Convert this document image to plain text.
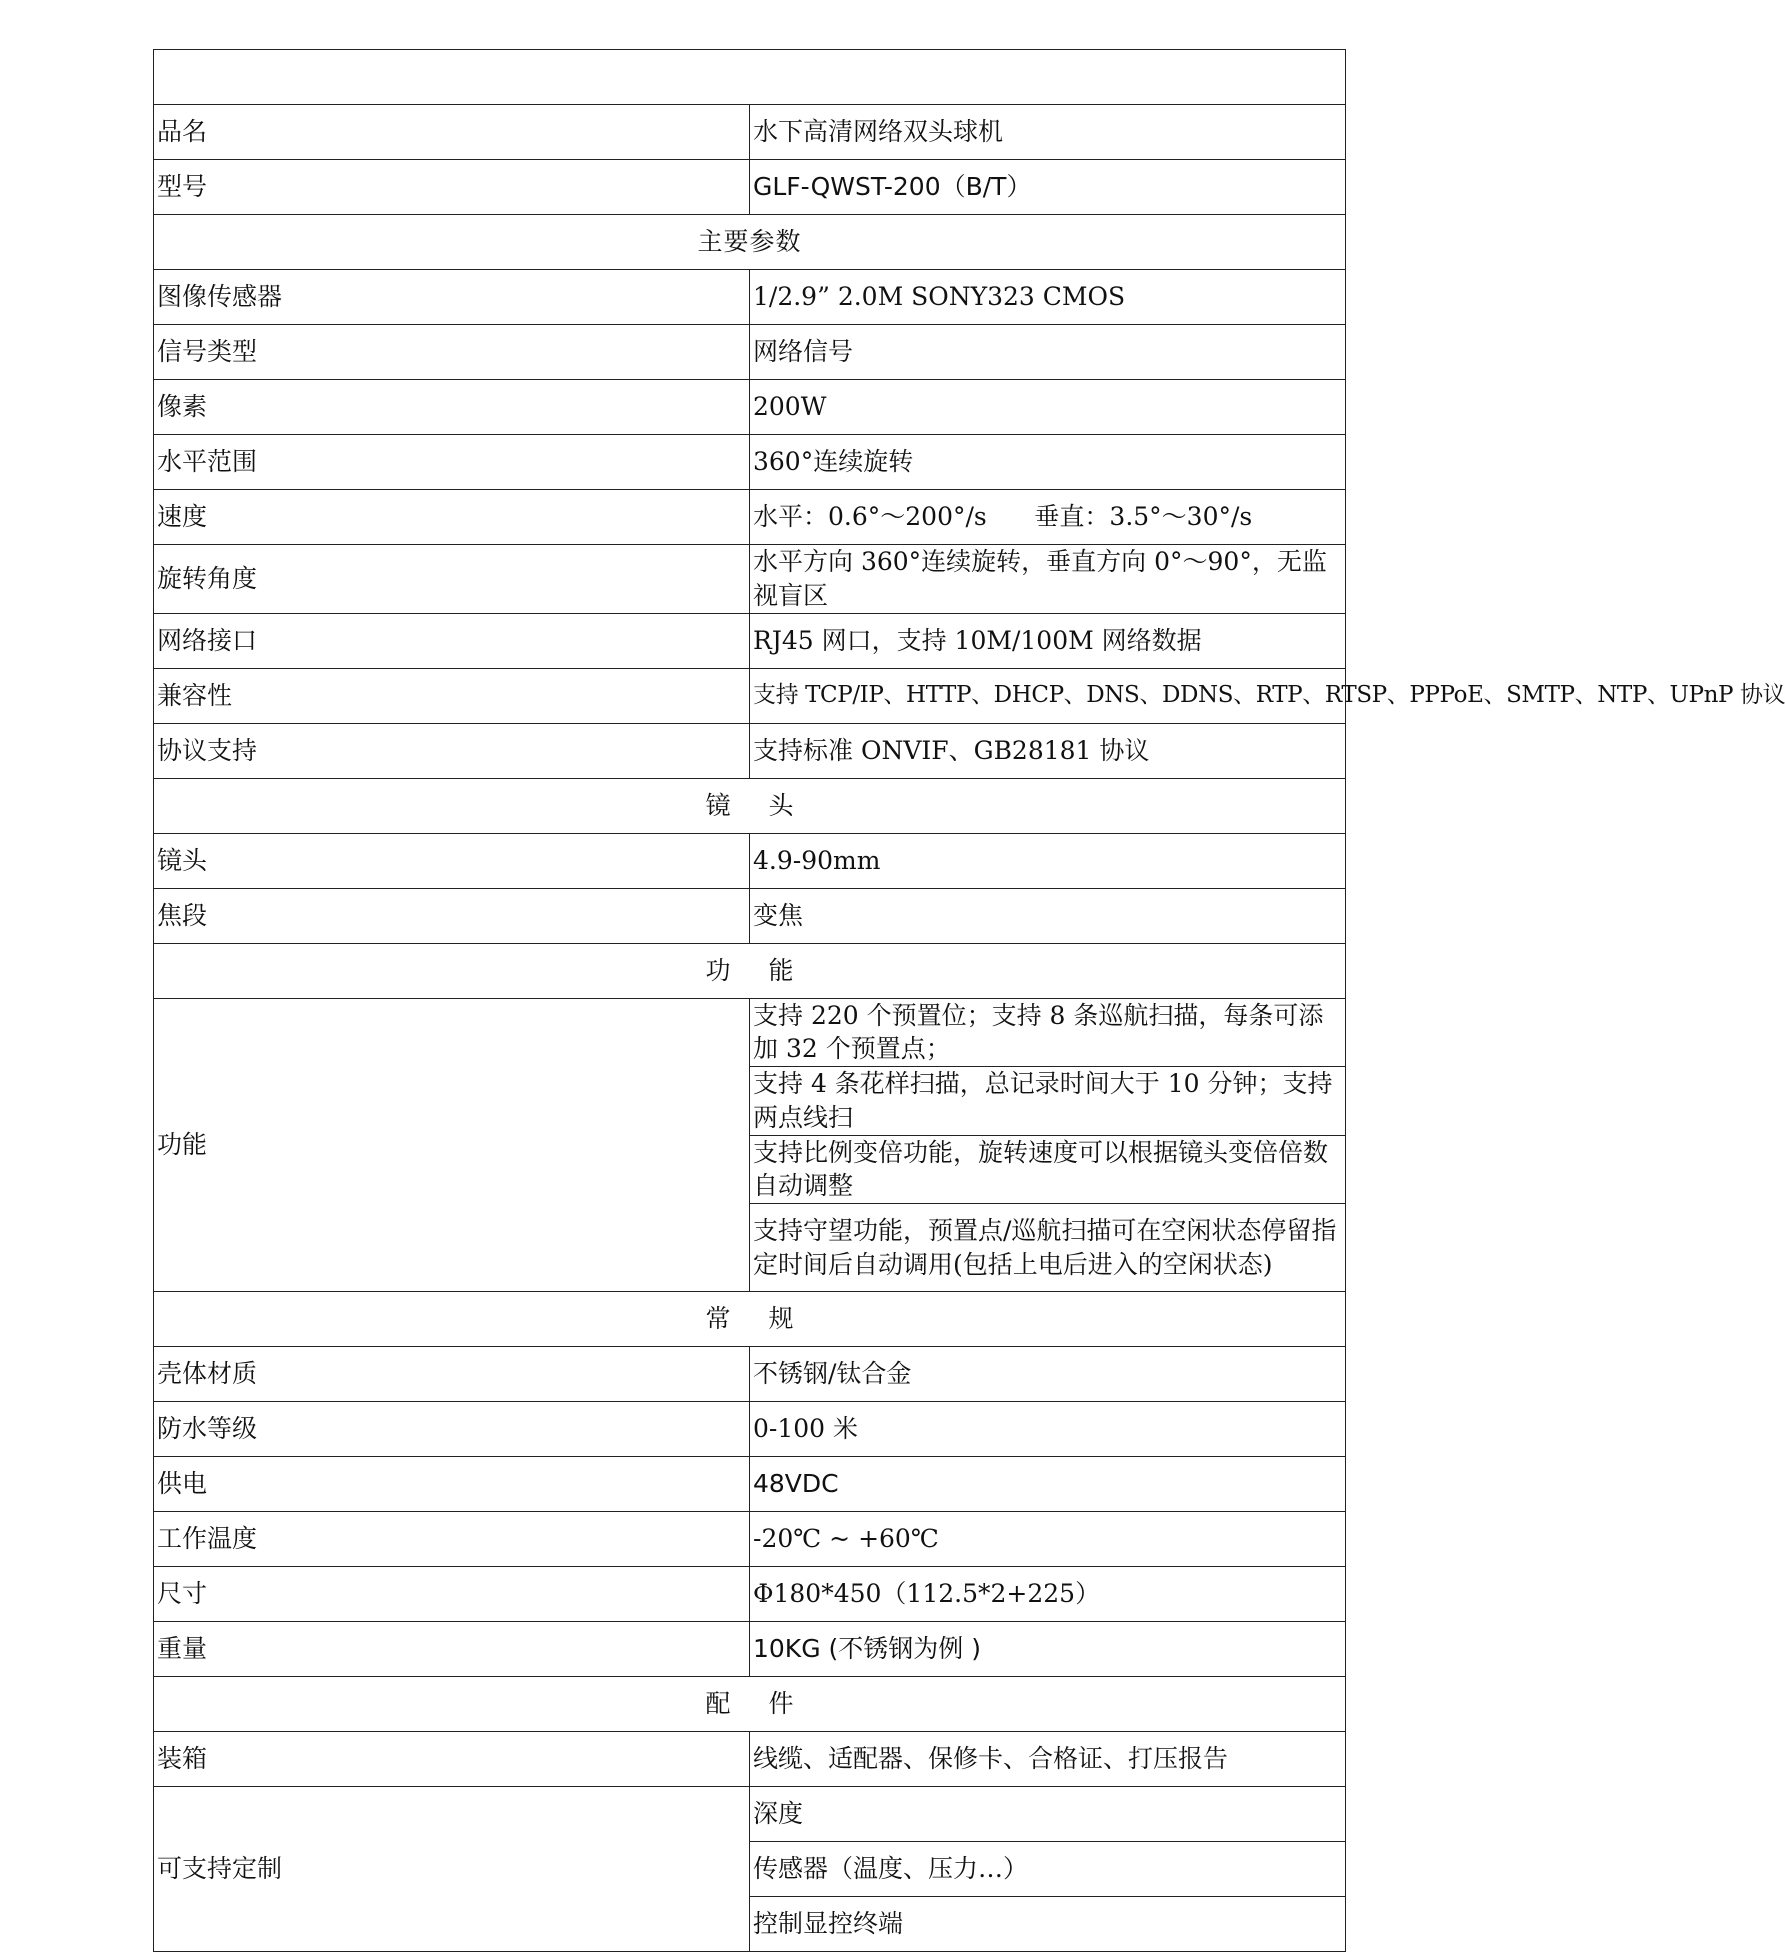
品名	水下高清网络双头球机
型号	GLF-QWST-200（B/T）
主要参数	
图像传感器	1/2.9” 2.0M SONY323 CMOS
信号类型	网络信号
像素	200W
水平范围	360°连续旋转
速度	水平：0.6°～200°/s      垂直：3.5°～30°/s
旋转角度	水平方向 360°连续旋转，垂直方向 0°～90°，无监视盲区
网络接口	RJ45 网口，支持 10M/100M 网络数据
兼容性	支持 TCP/IP、HTTP、DHCP、DNS、DDNS、RTP、RTSP、PPPoE、SMTP、NTP、UPnP 协议
协议支持	支持标准 ONVIF、GB28181 协议
镜头	
镜头	4.9-90mm
焦段	变焦
功能	
功能	支持 220 个预置位；支持 8 条巡航扫描，每条可添加 32 个预置点；
	支持 4 条花样扫描，总记录时间大于 10 分钟；支持两点线扫
	支持比例变倍功能，旋转速度可以根据镜头变倍倍数自动调整
	支持守望功能，预置点/巡航扫描可在空闲状态停留指定时间后自动调用(包括上电后进入的空闲状态)
常规	
壳体材质	不锈钢/钛合金
防水等级	0-100 米
供电	48VDC
工作温度	-20℃ ~ +60℃
尺寸	Φ180*450（112.5*2+225）
重量	10KG (不锈钢为例 )
配件	
装箱	线缆、适配器、保修卡、合格证、打压报告
可支持定制	深度
	传感器（温度、压力…）
	控制显控终端
